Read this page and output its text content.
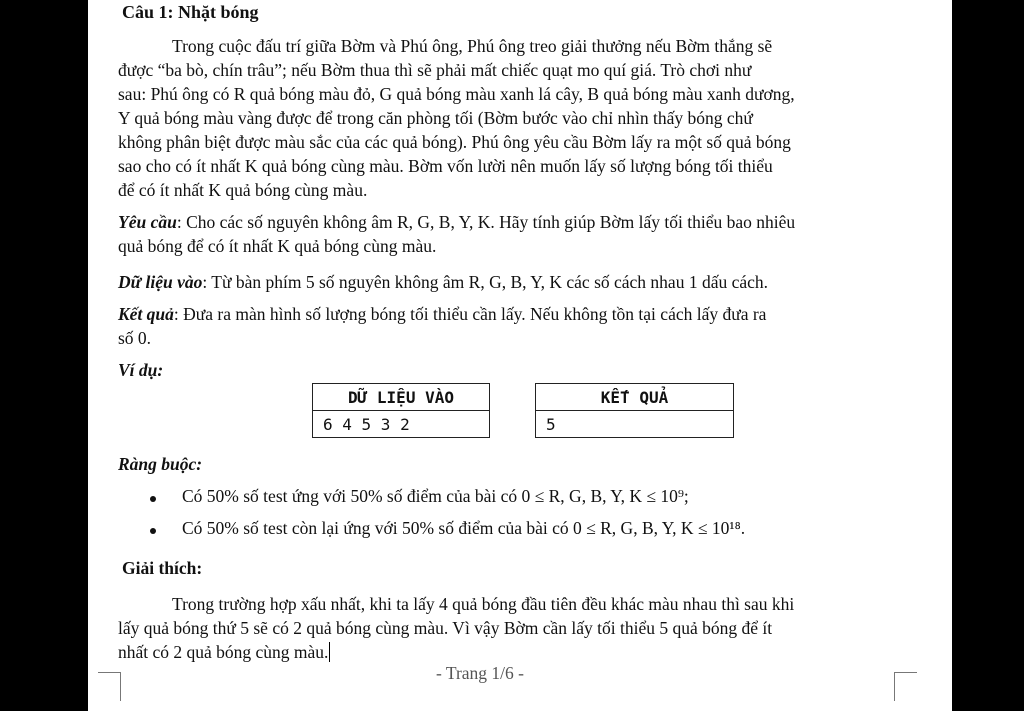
Câu 1: Nhặt bóng
Trong cuộc đấu trí giữa Bờm và Phú ông, Phú ông treo giải thưởng nếu Bờm thắng sẽ
được “ba bò, chín trâu”; nếu Bờm thua thì sẽ phải mất chiếc quạt mo quí giá. Trò chơi như
sau: Phú ông có R quả bóng màu đỏ, G quả bóng màu xanh lá cây, B quả bóng màu xanh dương,
Y quả bóng màu vàng được để trong căn phòng tối (Bờm bước vào chỉ nhìn thấy bóng chứ
không phân biệt được màu sắc của các quả bóng). Phú ông yêu cầu Bờm lấy ra một số quả bóng
sao cho có ít nhất K quả bóng cùng màu. Bờm vốn lười nên muốn lấy số lượng bóng tối thiểu
để có ít nhất K quả bóng cùng màu.
Yêu cầu: Cho các số nguyên không âm R, G, B, Y, K. Hãy tính giúp Bờm lấy tối thiểu bao nhiêu
quả bóng để có ít nhất K quả bóng cùng màu.
Dữ liệu vào: Từ bàn phím 5 số nguyên không âm R, G, B, Y, K các số cách nhau 1 dấu cách.
Kết quả: Đưa ra màn hình số lượng bóng tối thiểu cần lấy. Nếu không tồn tại cách lấy đưa ra
số 0.
Ví dụ:
DỮ LIỆU VÀO
6 4 5 3 2
KẾT QUẢ
5
Ràng buộc:
Có 50% số test ứng với 50% số điểm của bài có 0 ≤ R, G, B, Y, K ≤ 10⁹;
Có 50% số test còn lại ứng với 50% số điểm của bài có 0 ≤ R, G, B, Y, K ≤ 10¹⁸.
Giải thích:
Trong trường hợp xấu nhất, khi ta lấy 4 quả bóng đầu tiên đều khác màu nhau thì sau khi
lấy quả bóng thứ 5 sẽ có 2 quả bóng cùng màu. Vì vậy Bờm cần lấy tối thiểu 5 quả bóng để ít
nhất có 2 quả bóng cùng màu.
- Trang 1/6 -
